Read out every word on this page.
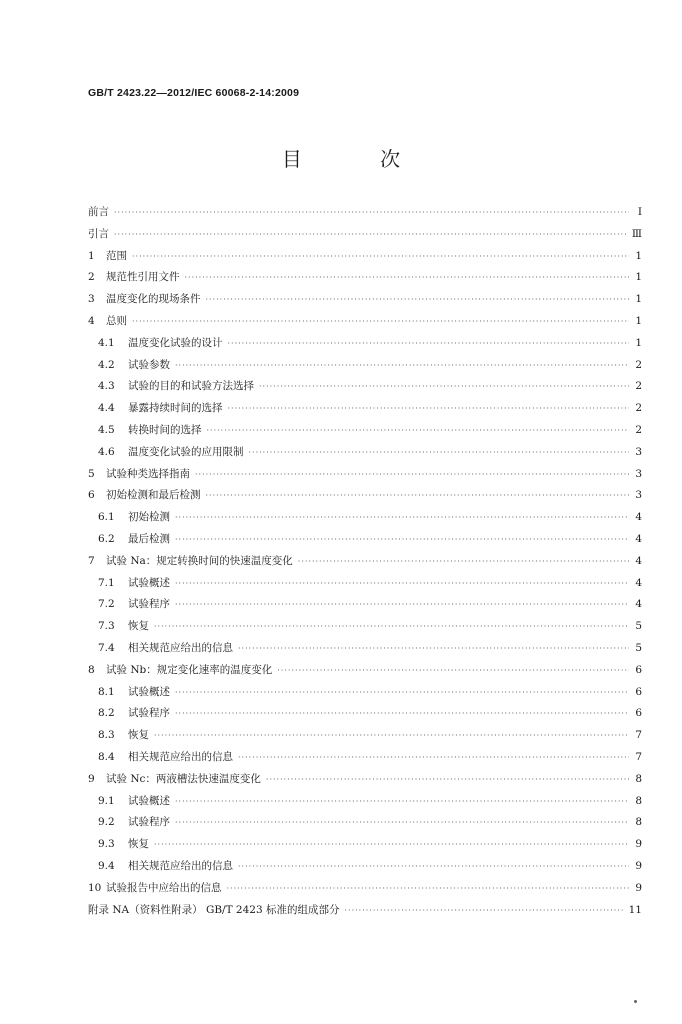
GB/T 2423.22—2012/IEC 60068-2-14:2009
目 次
前言 ·····	Ⅰ
引言 ·····	Ⅲ
1	范围 ·····	1
2	规范性引用文件 ·····	1
3	温度变化的现场条件 ·····	1
4	总则 ·····	1
4.1	温度变化试验的设计 ·····	1
4.2	试验参数 ·····	2
4.3	试验的目的和试验方法选择 ·····	2
4.4	暴露持续时间的选择 ·····	2
4.5	转换时间的选择 ·····	2
4.6	温度变化试验的应用限制 ·····	3
5	试验种类选择指南 ·····	3
6	初始检测和最后检测 ·····	3
6.1	初始检测 ·····	4
6.2	最后检测 ·····	4
7	试验 Na：规定转换时间的快速温度变化 ·····	4
7.1	试验概述 ·····	4
7.2	试验程序 ·····	4
7.3	恢复 ·····	5
7.4	相关规范应给出的信息 ·····	5
8	试验 Nb：规定变化速率的温度变化 ·····	6
8.1	试验概述 ·····	6
8.2	试验程序 ·····	6
8.3	恢复 ·····	7
8.4	相关规范应给出的信息 ·····	7
9	试验 Nc：两液槽法快速温度变化 ·····	8
9.1	试验概述 ·····	8
9.2	试验程序 ·····	8
9.3	恢复 ·····	9
9.4	相关规范应给出的信息 ·····	9
10 试验报告中应给出的信息 ·····	9
附录 NA（资料性附录） GB/T 2423 标准的组成部分 ·····	11
